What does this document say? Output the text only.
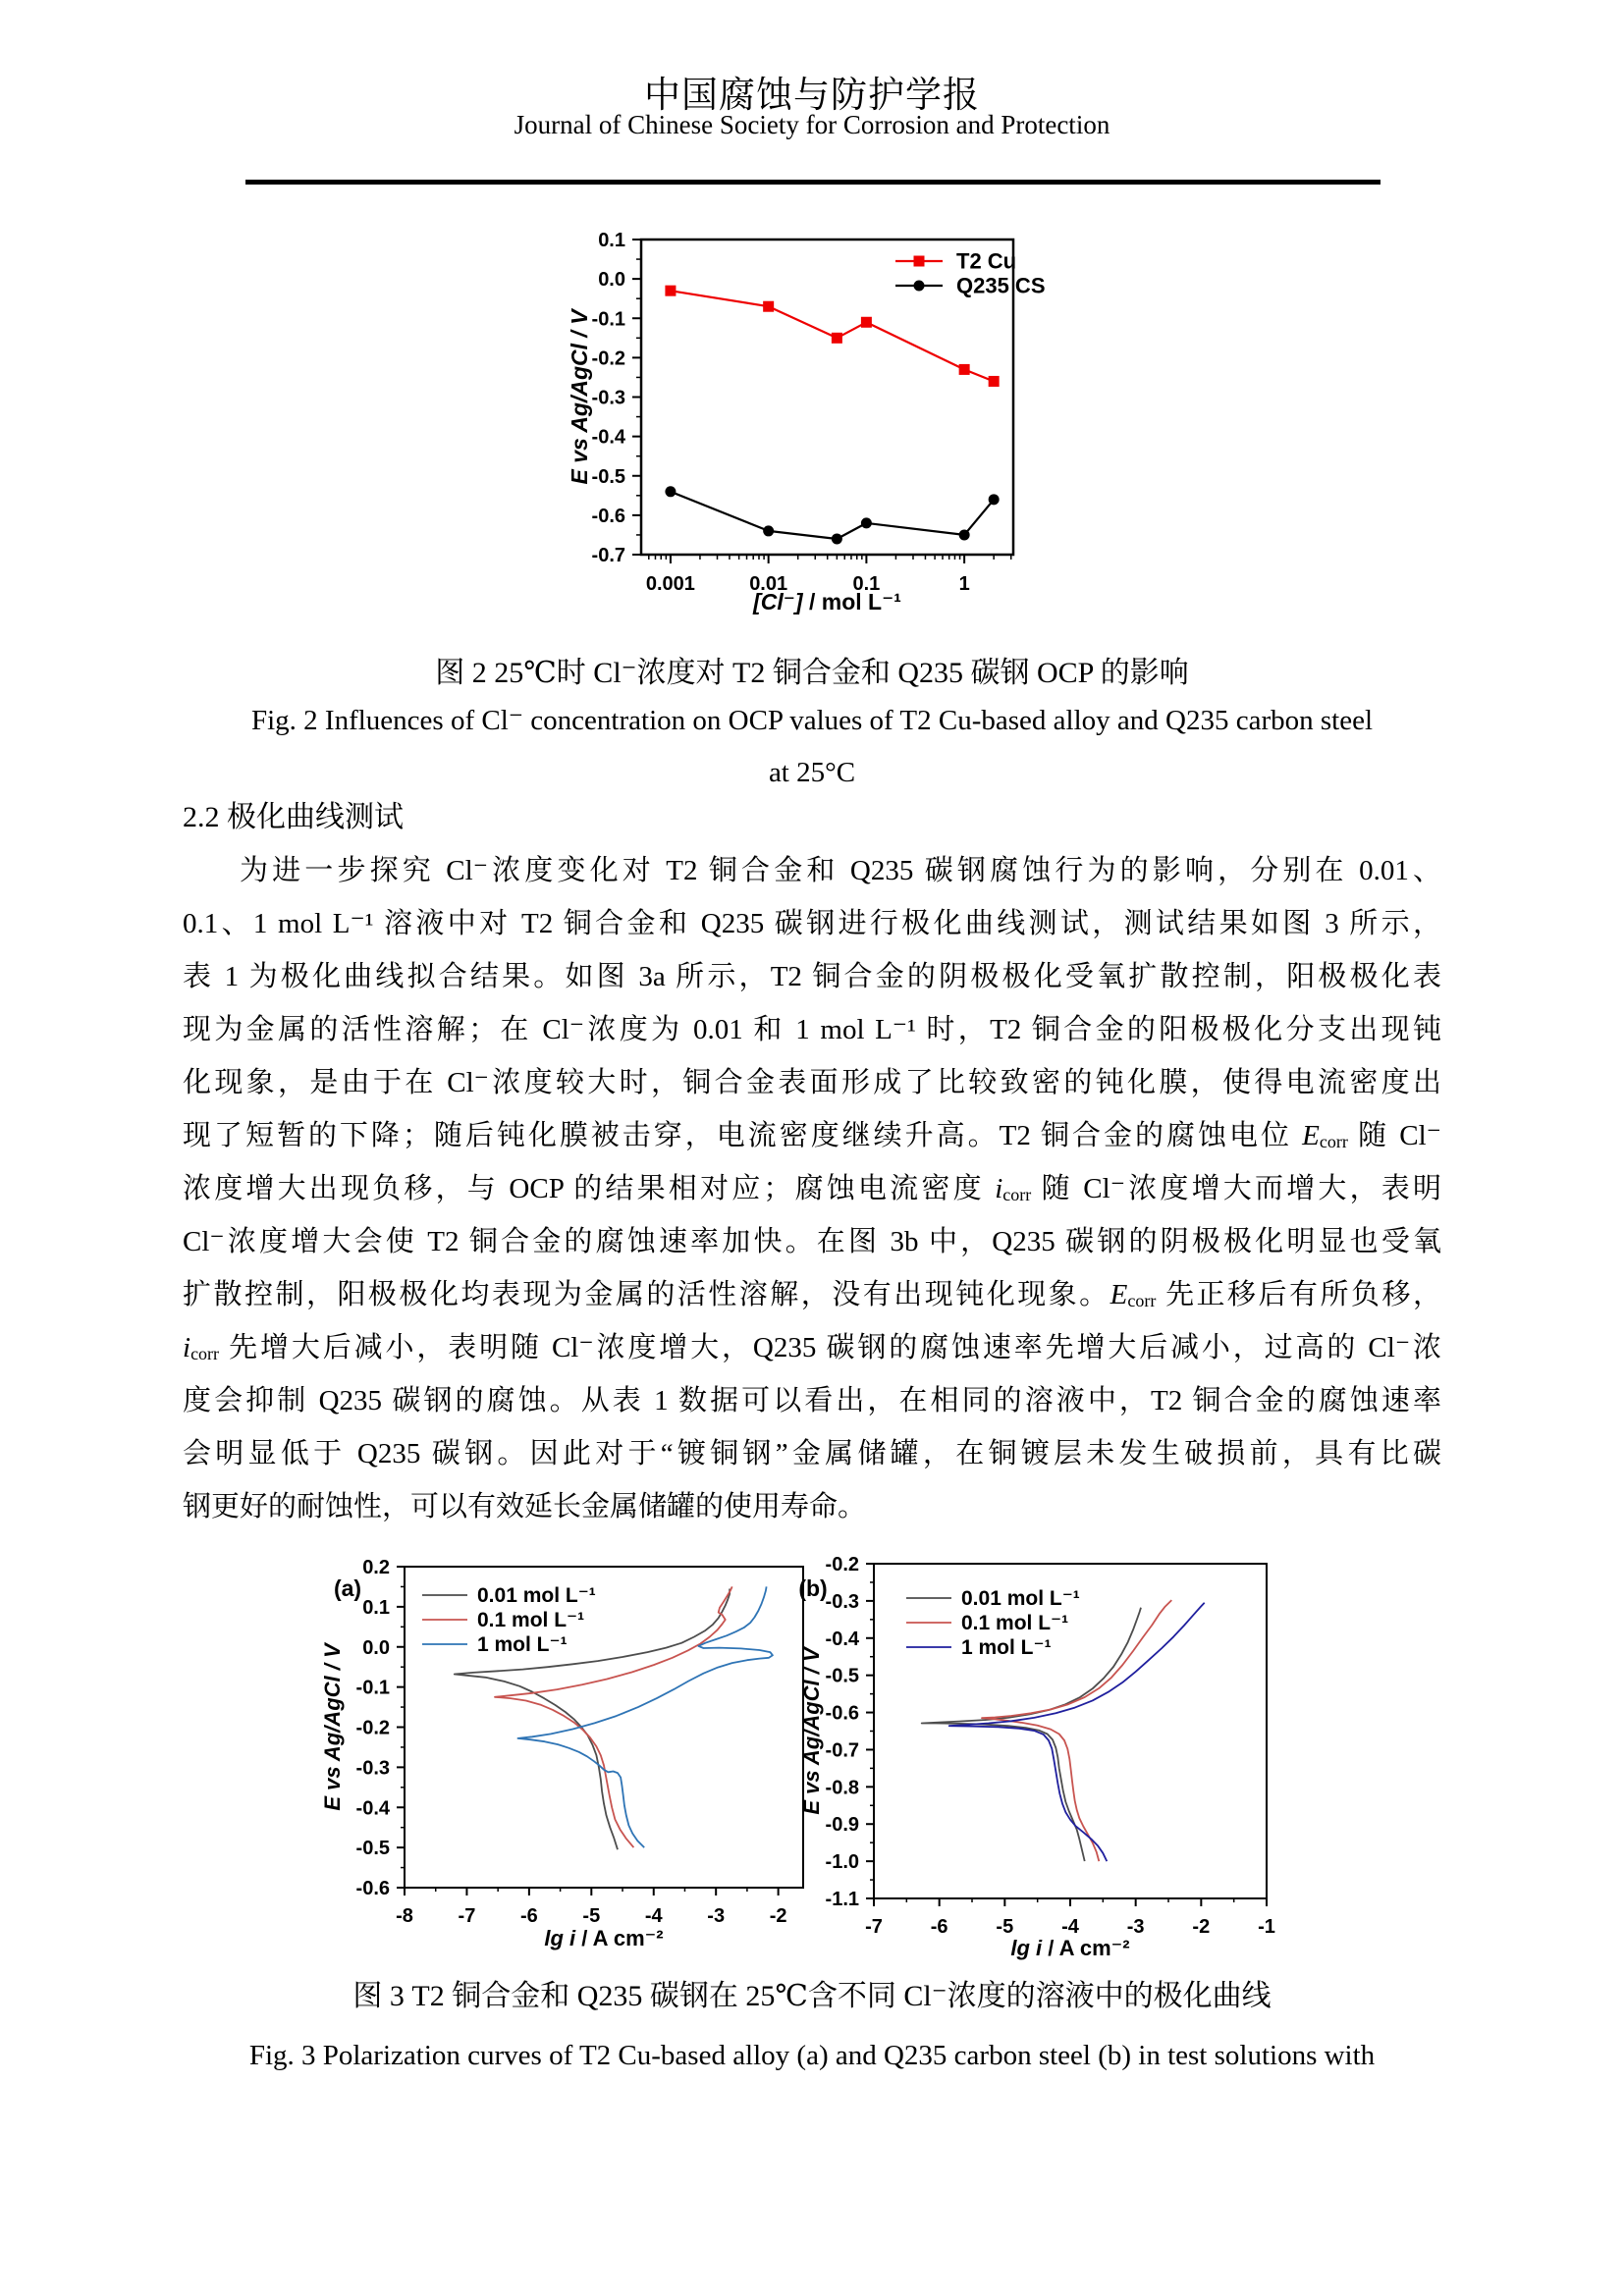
中国腐蚀与防护学报
Journal of Chinese Society for Corrosion and Protection
0.001	0.01	0.1	1
0.1
0.0
-0.1
-0.2
-0.3
-0.4
-0.5
-0.6
-0.7
T2 Cu
Q235 CS
[Cl⁻] / mol L⁻¹
E vs Ag/AgCl / V
图 2 25℃时 Cl⁻浓度对 T2 铜合金和 Q235 碳钢 OCP 的影响
Fig. 2 Influences of Cl⁻ concentration on OCP values of T2 Cu-based alloy and Q235 carbon steel
at 25°C
2.2 极化曲线测试
为进一步探究 Cl⁻浓度变化对 T2 铜合金和 Q235 碳钢腐蚀行为的影响，分别在 0.01、
0.1、1 mol L⁻¹ 溶液中对 T2 铜合金和 Q235 碳钢进行极化曲线测试，测试结果如图 3 所示，
表 1 为极化曲线拟合结果。如图 3a 所示，T2 铜合金的阴极极化受氧扩散控制，阳极极化表
现为金属的活性溶解；在 Cl⁻浓度为 0.01 和 1 mol L⁻¹ 时，T2 铜合金的阳极极化分支出现钝
化现象，是由于在 Cl⁻浓度较大时，铜合金表面形成了比较致密的钝化膜，使得电流密度出
现了短暂的下降；随后钝化膜被击穿，电流密度继续升高。T2 铜合金的腐蚀电位 Ecorr 随 Cl⁻
浓度增大出现负移，与 OCP 的结果相对应；腐蚀电流密度 icorr 随 Cl⁻浓度增大而增大，表明
Cl⁻浓度增大会使 T2 铜合金的腐蚀速率加快。在图 3b 中，Q235 碳钢的阴极极化明显也受氧
扩散控制，阳极极化均表现为金属的活性溶解，没有出现钝化现象。Ecorr 先正移后有所负移，
icorr 先增大后减小，表明随 Cl⁻浓度增大，Q235 碳钢的腐蚀速率先增大后减小，过高的 Cl⁻浓
度会抑制 Q235 碳钢的腐蚀。从表 1 数据可以看出，在相同的溶液中，T2 铜合金的腐蚀速率
会明显低于 Q235 碳钢。因此对于“镀铜钢”金属储罐，在铜镀层未发生破损前，具有比碳
钢更好的耐蚀性，可以有效延长金属储罐的使用寿命。
-8 -7 -6 -5 -4 -3 -2
0.2
0.1
0.0
-0.1
-0.2
-0.3
-0.4
-0.5
-0.6
0.01 mol L⁻¹
0.1 mol L⁻¹
1 mol L⁻¹
(a)
lg i / A cm⁻²
E vs Ag/AgCl / V
-7 -6 -5 -4 -3 -2 -1
-0.2
-0.3
-0.4
-0.5
-0.6
-0.7
-0.8
-0.9
-1.0
-1.1
0.01 mol L⁻¹
0.1 mol L⁻¹
1 mol L⁻¹
(b)
lg i / A cm⁻²
E vs Ag/AgCl / V
图 3 T2 铜合金和 Q235 碳钢在 25℃含不同 Cl⁻浓度的溶液中的极化曲线
Fig. 3 Polarization curves of T2 Cu-based alloy (a) and Q235 carbon steel (b) in test solutions with
